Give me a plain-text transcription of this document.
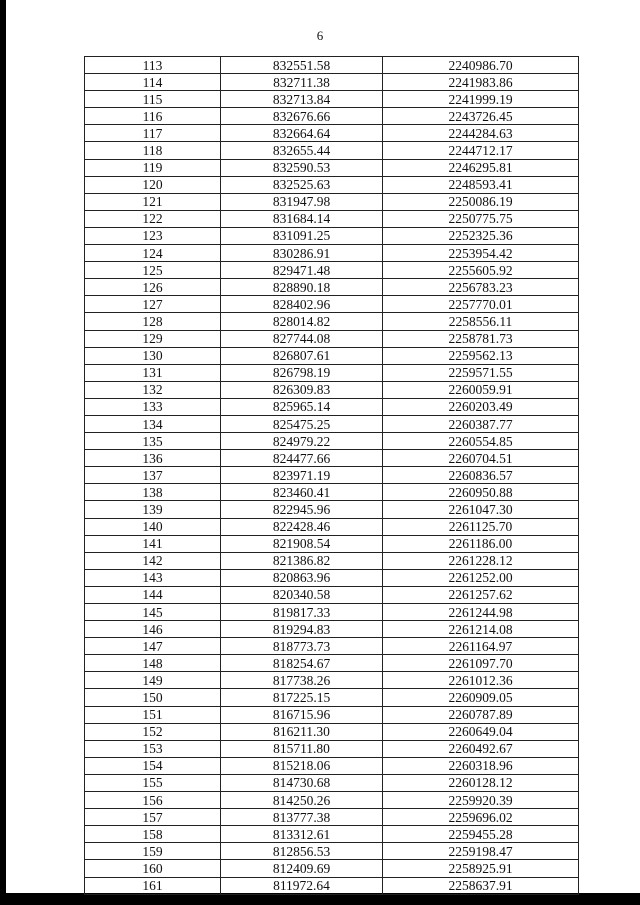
6
113	832551.58	2240986.70
114	832711.38	2241983.86
115	832713.84	2241999.19
116	832676.66	2243726.45
117	832664.64	2244284.63
118	832655.44	2244712.17
119	832590.53	2246295.81
120	832525.63	2248593.41
121	831947.98	2250086.19
122	831684.14	2250775.75
123	831091.25	2252325.36
124	830286.91	2253954.42
125	829471.48	2255605.92
126	828890.18	2256783.23
127	828402.96	2257770.01
128	828014.82	2258556.11
129	827744.08	2258781.73
130	826807.61	2259562.13
131	826798.19	2259571.55
132	826309.83	2260059.91
133	825965.14	2260203.49
134	825475.25	2260387.77
135	824979.22	2260554.85
136	824477.66	2260704.51
137	823971.19	2260836.57
138	823460.41	2260950.88
139	822945.96	2261047.30
140	822428.46	2261125.70
141	821908.54	2261186.00
142	821386.82	2261228.12
143	820863.96	2261252.00
144	820340.58	2261257.62
145	819817.33	2261244.98
146	819294.83	2261214.08
147	818773.73	2261164.97
148	818254.67	2261097.70
149	817738.26	2261012.36
150	817225.15	2260909.05
151	816715.96	2260787.89
152	816211.30	2260649.04
153	815711.80	2260492.67
154	815218.06	2260318.96
155	814730.68	2260128.12
156	814250.26	2259920.39
157	813777.38	2259696.02
158	813312.61	2259455.28
159	812856.53	2259198.47
160	812409.69	2258925.91
161	811972.64	2258637.91
